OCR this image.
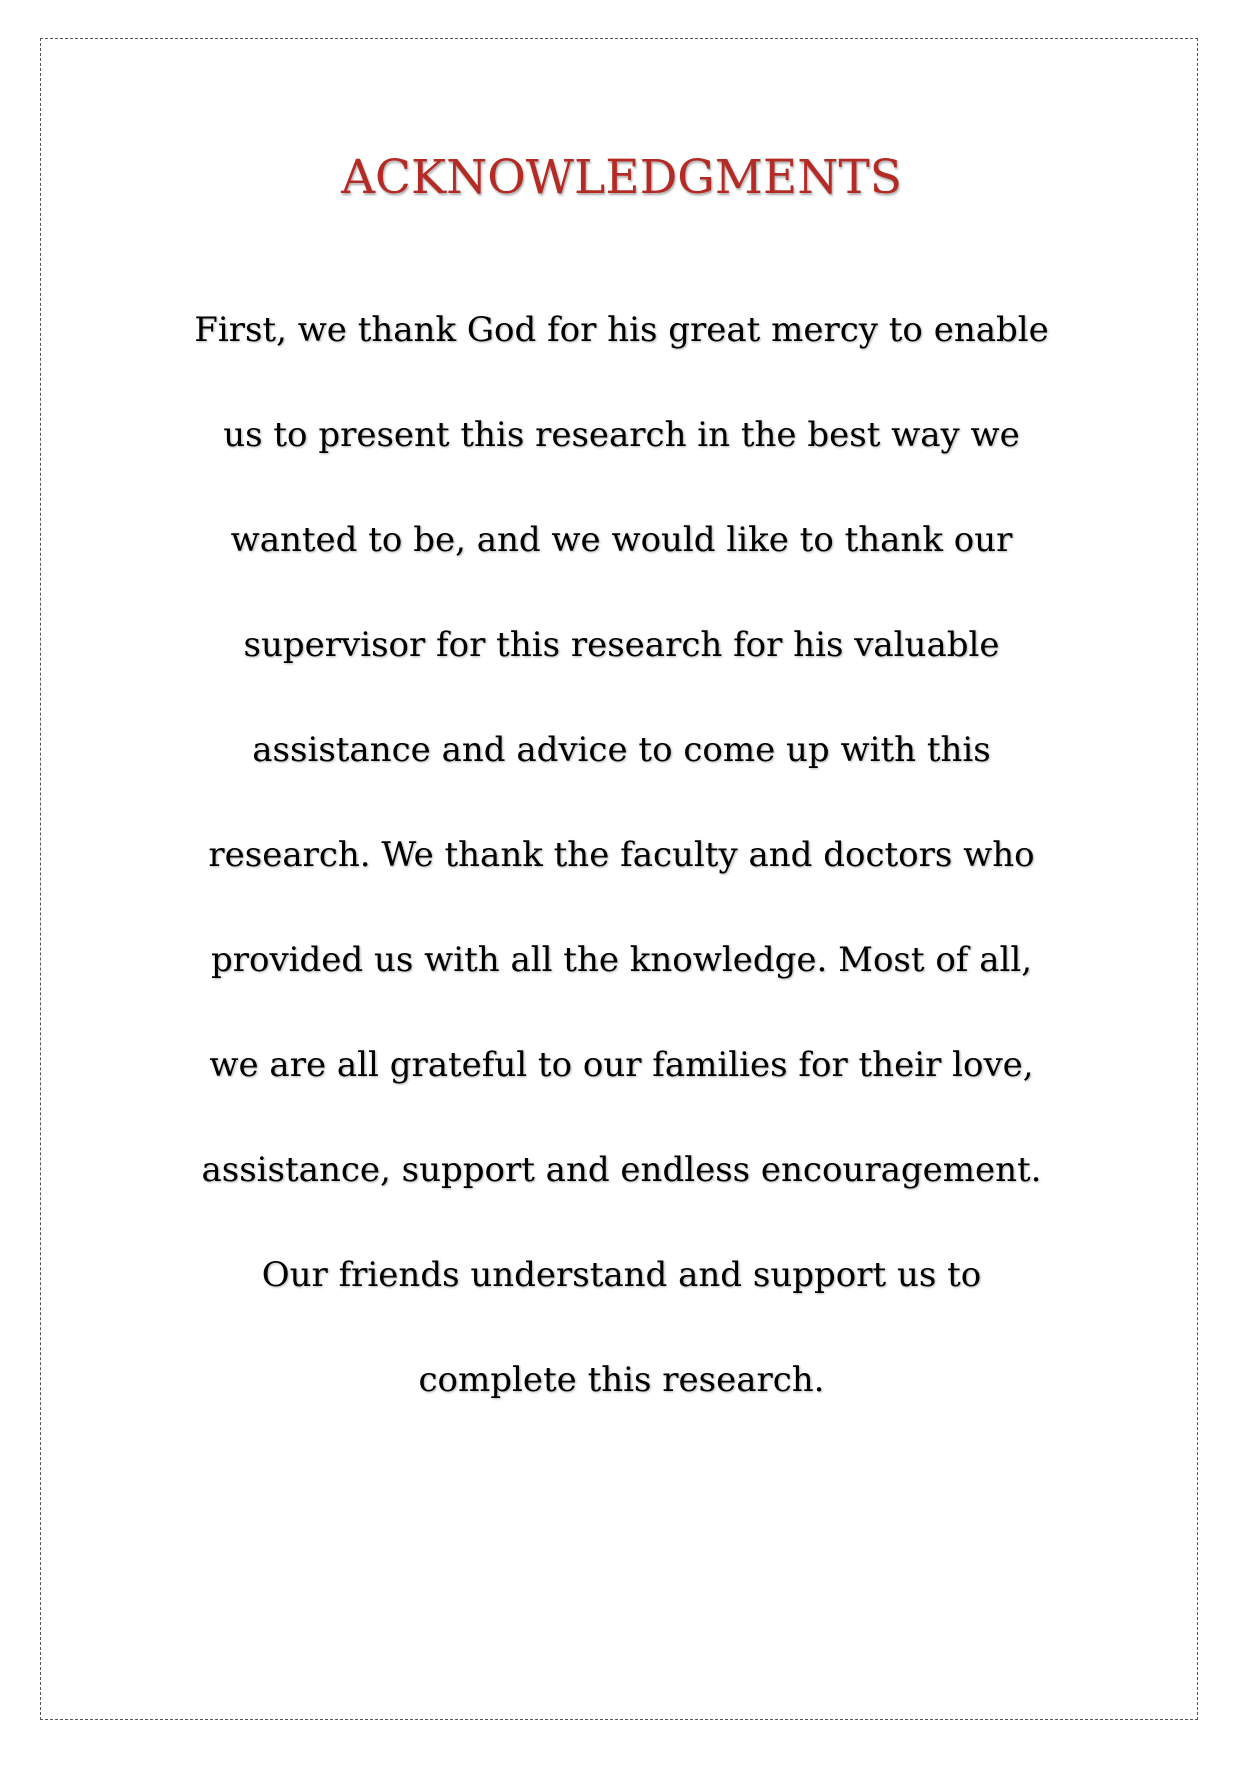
ACKNOWLEDGMENTS
First, we thank God for his great mercy to enable
us to present this research in the best way we
wanted to be, and we would like to thank our
supervisor for this research for his valuable
assistance and advice to come up with this
research. We thank the faculty and doctors who
provided us with all the knowledge. Most of all,
we are all grateful to our families for their love,
assistance, support and endless encouragement.
Our friends understand and support us to
complete this research.
